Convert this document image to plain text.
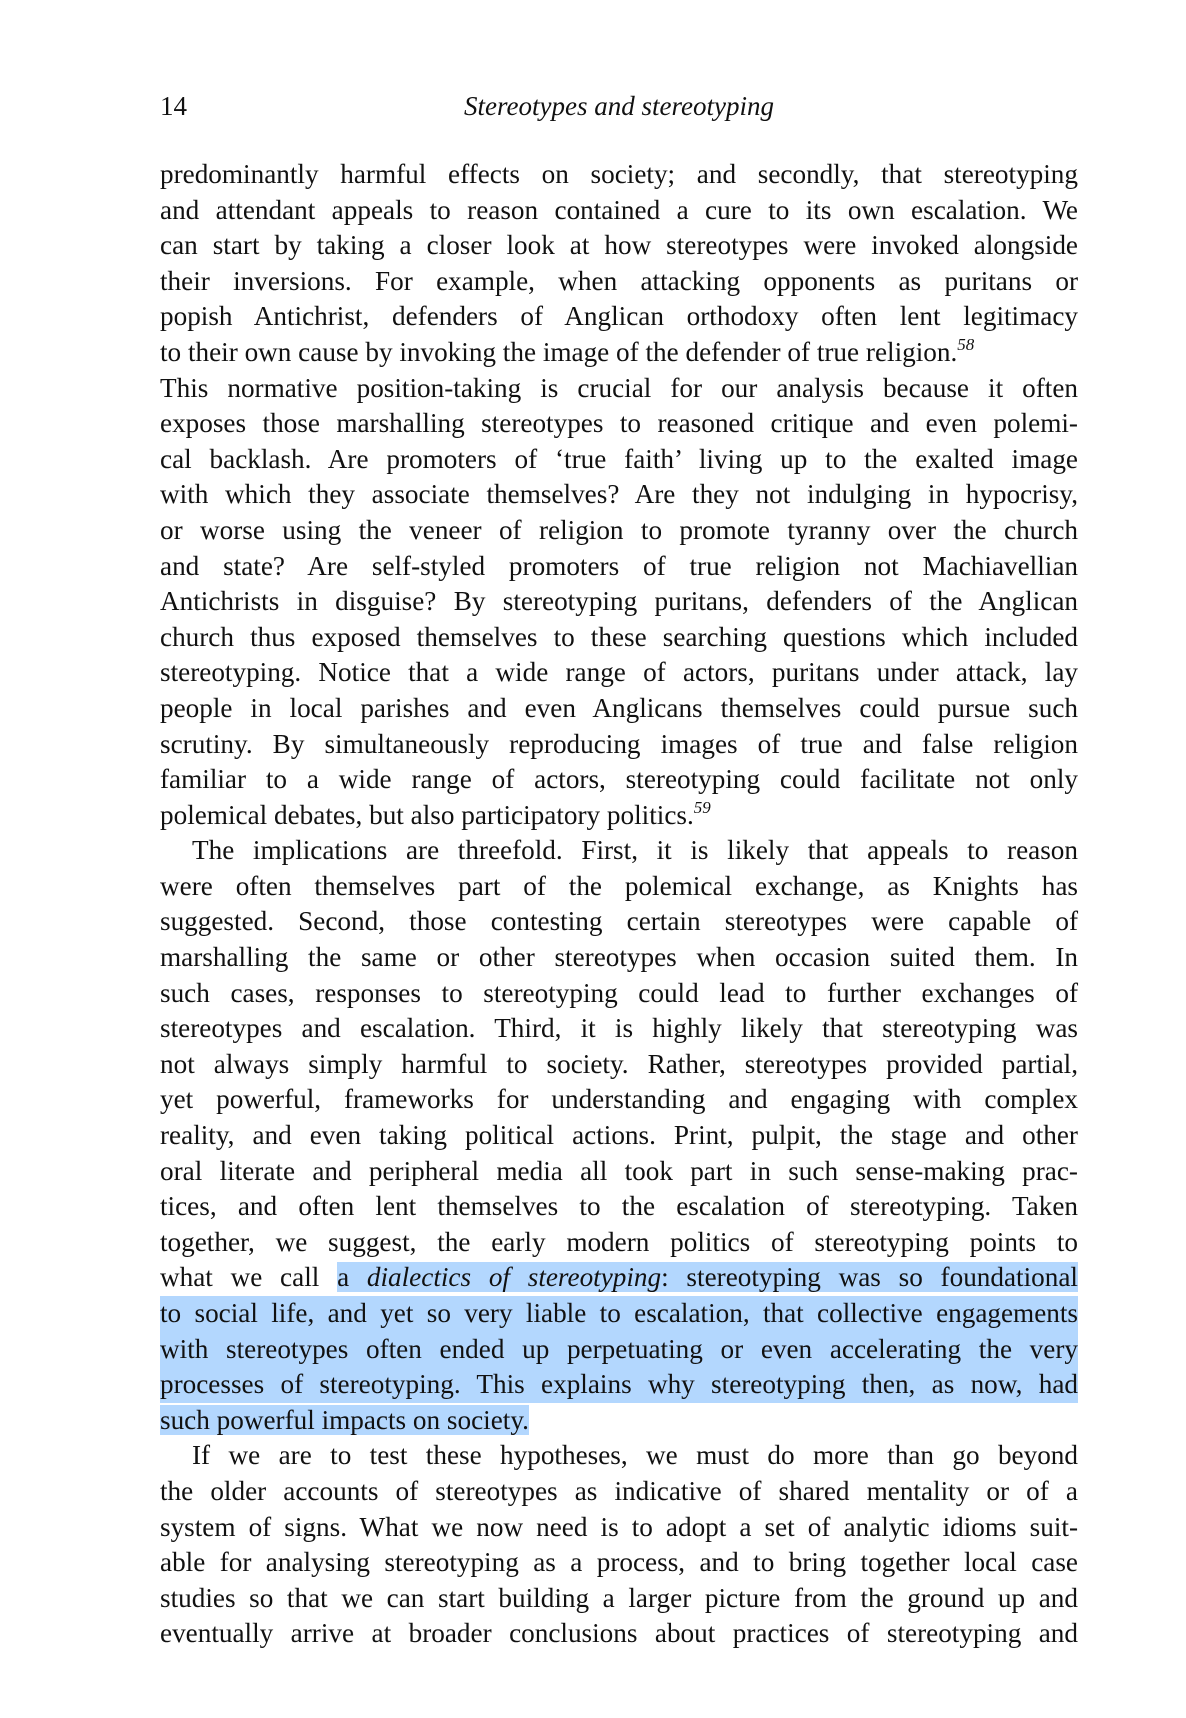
14	Stereotypes and stereotyping
predominantly harmful effects on society; and secondly, that stereotyping
and attendant appeals to reason contained a cure to its own escalation. We
can start by taking a closer look at how stereotypes were invoked alongside
their inversions. For example, when attacking opponents as puritans or
popish Antichrist, defenders of Anglican orthodoxy often lent legitimacy
to their own cause by invoking the image of the defender of true religion.$^{58}$
This normative position-taking is crucial for our analysis because it often
exposes those marshalling stereotypes to reasoned critique and even polemi-
cal backlash. Are promoters of ‘true faith’ living up to the exalted image
with which they associate themselves? Are they not indulging in hypocrisy,
or worse using the veneer of religion to promote tyranny over the church
and state? Are self-styled promoters of true religion not Machiavellian
Antichrists in disguise? By stereotyping puritans, defenders of the Anglican
church thus exposed themselves to these searching questions which included
stereotyping. Notice that a wide range of actors, puritans under attack, lay
people in local parishes and even Anglicans themselves could pursue such
scrutiny. By simultaneously reproducing images of true and false religion
familiar to a wide range of actors, stereotyping could facilitate not only
polemical debates, but also participatory politics.$^{59}$
The implications are threefold. First, it is likely that appeals to reason
were often themselves part of the polemical exchange, as Knights has
suggested. Second, those contesting certain stereotypes were capable of
marshalling the same or other stereotypes when occasion suited them. In
such cases, responses to stereotyping could lead to further exchanges of
stereotypes and escalation. Third, it is highly likely that stereotyping was
not always simply harmful to society. Rather, stereotypes provided partial,
yet powerful, frameworks for understanding and engaging with complex
reality, and even taking political actions. Print, pulpit, the stage and other
oral literate and peripheral media all took part in such sense-making prac-
tices, and often lent themselves to the escalation of stereotyping. Taken
together, we suggest, the early modern politics of stereotyping points to
what we call a dialectics of stereotyping: stereotyping was so foundational
to social life, and yet so very liable to escalation, that collective engagements
with stereotypes often ended up perpetuating or even accelerating the very
processes of stereotyping. This explains why stereotyping then, as now, had
such powerful impacts on society.
If we are to test these hypotheses, we must do more than go beyond
the older accounts of stereotypes as indicative of shared mentality or of a
system of signs. What we now need is to adopt a set of analytic idioms suit-
able for analysing stereotyping as a process, and to bring together local case
studies so that we can start building a larger picture from the ground up and
eventually arrive at broader conclusions about practices of stereotyping and
